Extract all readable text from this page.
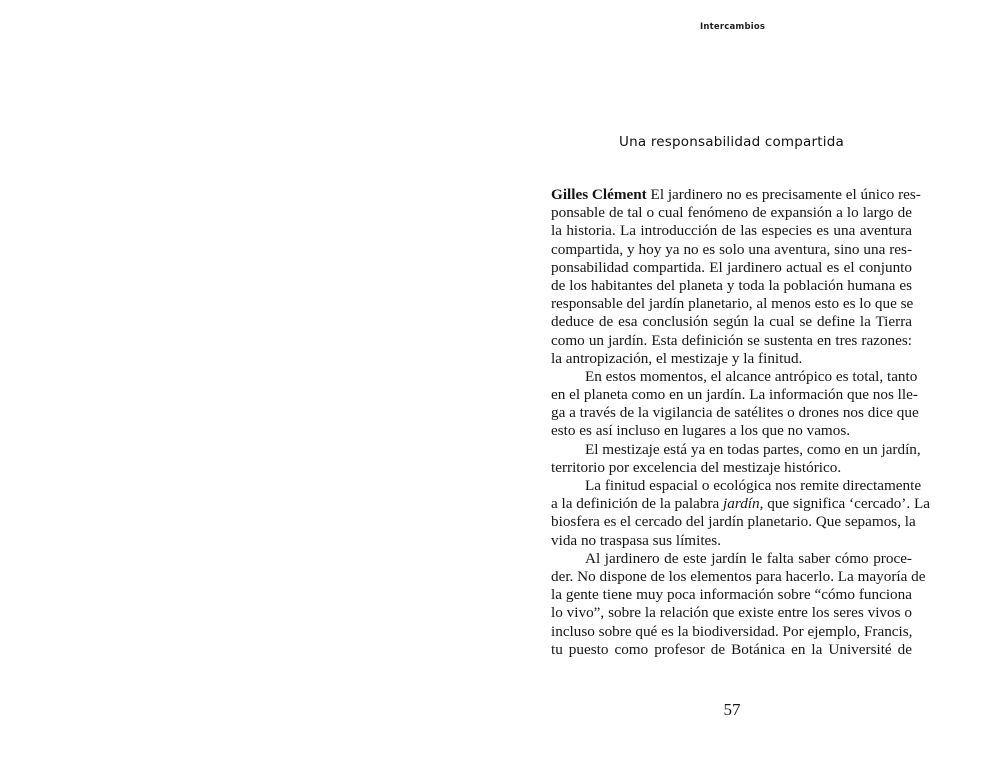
Intercambios
Una responsabilidad compartida
Gilles Clément El jardinero no es precisamente el único res-
ponsable de tal o cual fenómeno de expansión a lo largo de
la historia. La introducción de las especies es una aventura
compartida, y hoy ya no es solo una aventura, sino una res-
ponsabilidad compartida. El jardinero actual es el conjunto
de los habitantes del planeta y toda la población humana es
responsable del jardín planetario, al menos esto es lo que se
deduce de esa conclusión según la cual se define la Tierra
como un jardín. Esta definición se sustenta en tres razones:
la antropización, el mestizaje y la finitud.
En estos momentos, el alcance antrópico es total, tanto
en el planeta como en un jardín. La información que nos lle-
ga a través de la vigilancia de satélites o drones nos dice que
esto es así incluso en lugares a los que no vamos.
El mestizaje está ya en todas partes, como en un jardín,
territorio por excelencia del mestizaje histórico.
La finitud espacial o ecológica nos remite directamente
a la definición de la palabra jardín, que significa ‘cercado’. La
biosfera es el cercado del jardín planetario. Que sepamos, la
vida no traspasa sus límites.
Al jardinero de este jardín le falta saber cómo proce-
der. No dispone de los elementos para hacerlo. La mayoría de
la gente tiene muy poca información sobre “cómo funciona
lo vivo”, sobre la relación que existe entre los seres vivos o
incluso sobre qué es la biodiversidad. Por ejemplo, Francis,
tu puesto como profesor de Botánica en la Université de
57
